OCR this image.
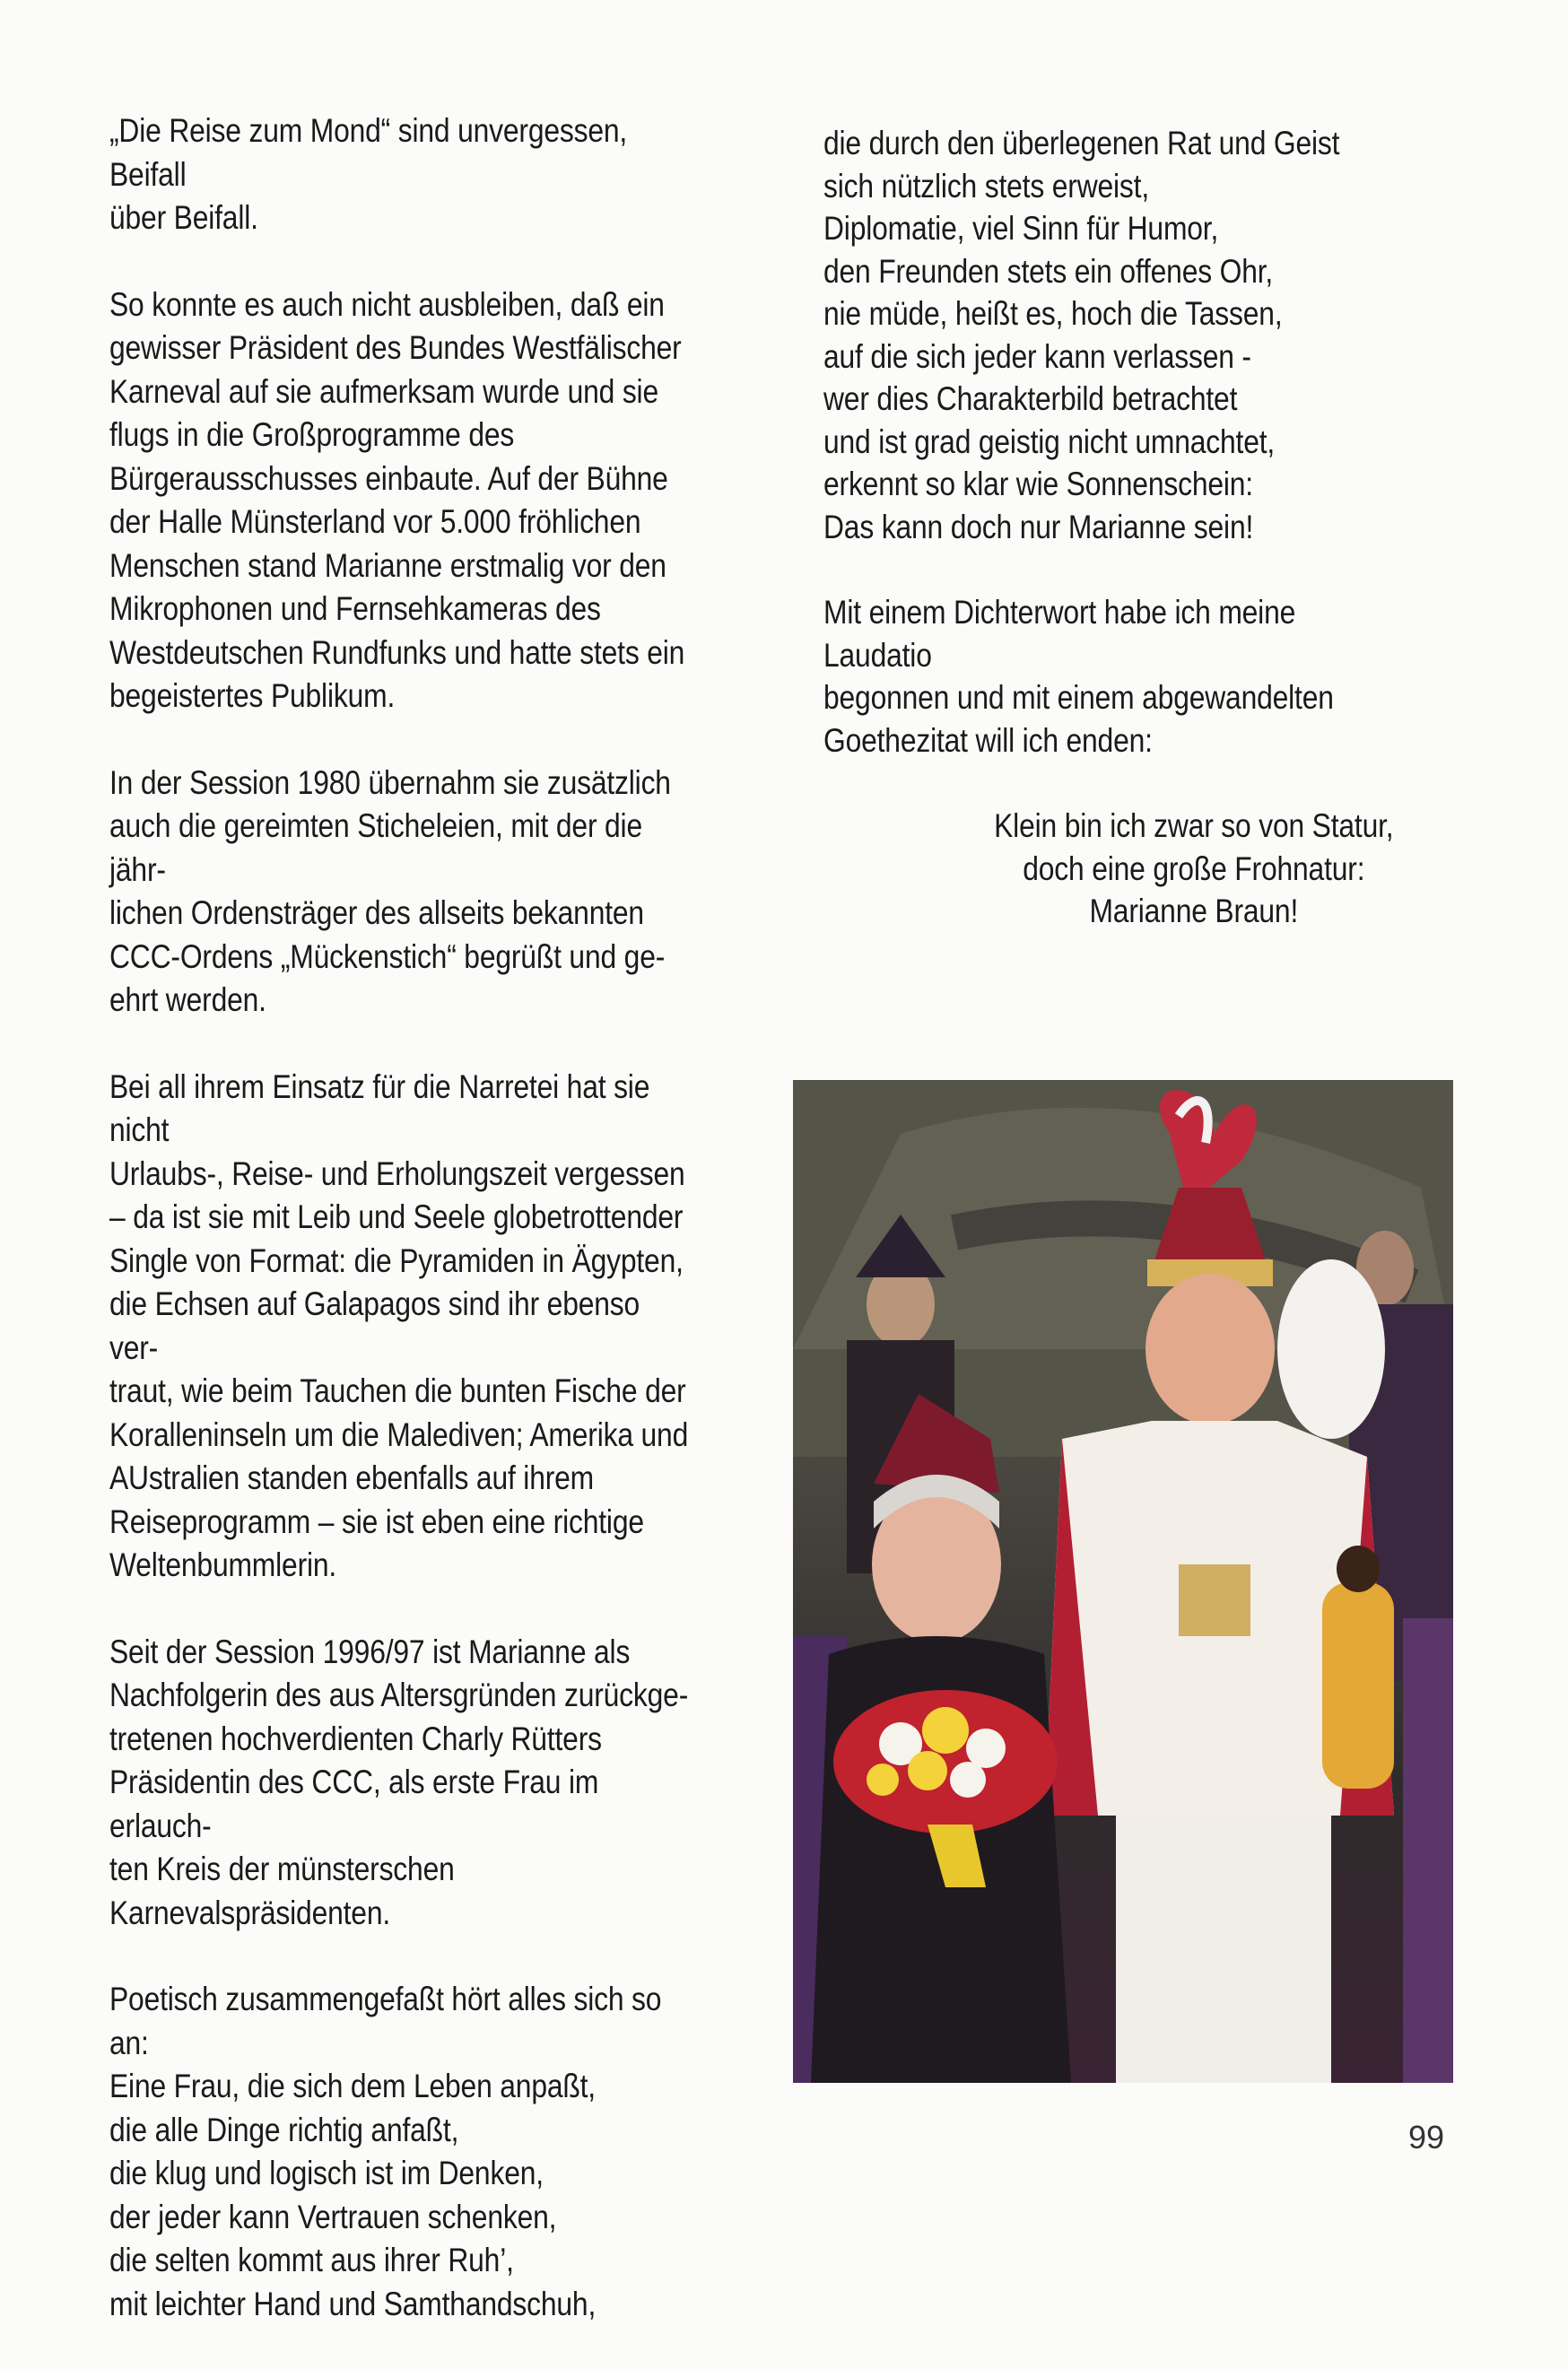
„Die Reise zum Mond“ sind unvergessen, Beifall
über Beifall.

So konnte es auch nicht ausbleiben, daß ein
gewisser Präsident des Bundes Westfälischer
Karneval auf sie aufmerksam wurde und sie
flugs in die Großprogramme des
Bürgerausschusses einbaute. Auf der Bühne
der Halle Münsterland vor 5.000 fröhlichen
Menschen stand Marianne erstmalig vor den
Mikrophonen und Fernsehkameras des
Westdeutschen Rundfunks und hatte stets ein
begeistertes Publikum.

In der Session 1980 übernahm sie zusätzlich
auch die gereimten Sticheleien, mit der die jähr-
lichen Ordensträger des allseits bekannten
CCC-Ordens „Mückenstich“ begrüßt und ge-
ehrt werden.

Bei all ihrem Einsatz für die Narretei hat sie nicht
Urlaubs-, Reise- und Erholungszeit vergessen
– da ist sie mit Leib und Seele globetrottender
Single von Format: die Pyramiden in Ägypten,
die Echsen auf Galapagos sind ihr ebenso ver-
traut, wie beim Tauchen die bunten Fische der
Koralleninseln um die Malediven; Amerika und
AUstralien standen ebenfalls auf ihrem
Reiseprogramm – sie ist eben eine richtige
Weltenbummlerin.

Seit der Session 1996/97 ist Marianne als
Nachfolgerin des aus Altersgründen zurückge-
tretenen hochverdienten Charly Rütters
Präsidentin des CCC, als erste Frau im erlauch-
ten Kreis der münsterschen
Karnevalspräsidenten.

Poetisch zusammengefaßt hört alles sich so an:
Eine Frau, die sich dem Leben anpaßt,
die alle Dinge richtig anfaßt,
die klug und logisch ist im Denken,
der jeder kann Vertrauen schenken,
die selten kommt aus ihrer Ruh’,
mit leichter Hand und Samthandschuh,

die durch den überlegenen Rat und Geist
sich nützlich stets erweist,
Diplomatie, viel Sinn für Humor,
den Freunden stets ein offenes Ohr,
nie müde, heißt es, hoch die Tassen,
auf die sich jeder kann verlassen -
wer dies Charakterbild betrachtet
und ist grad geistig nicht umnachtet,
erkennt so klar wie Sonnenschein:
Das kann doch nur Marianne sein!

Mit einem Dichterwort habe ich meine Laudatio
begonnen und mit einem abgewandelten
Goethezitat will ich enden:

Klein bin ich zwar so von Statur,
doch eine große Frohnatur:
Marianne Braun!

99
